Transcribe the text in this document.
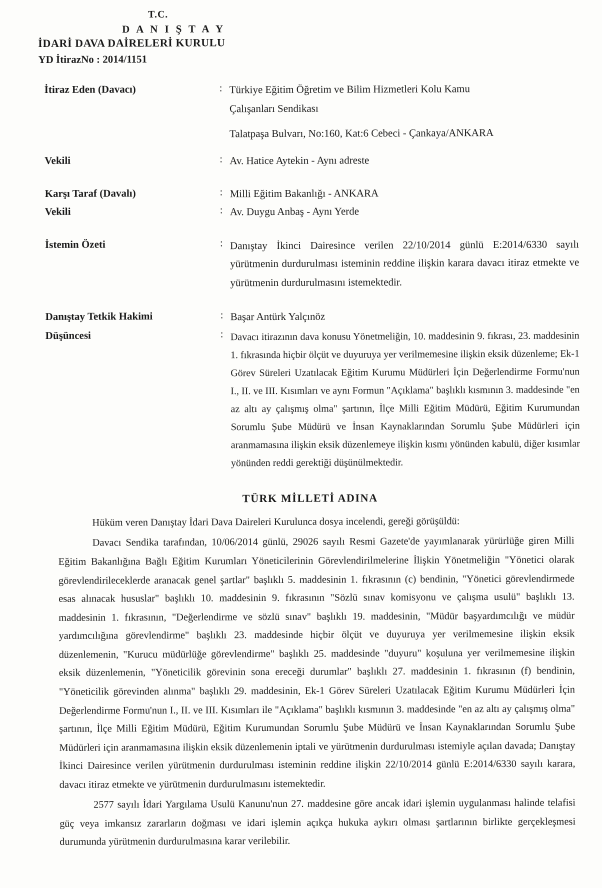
T.C.
D A N I Ş T A Y
İDARİ DAVA DAİRELERİ KURULU
YD İtirazNo : 2014/1151
İtiraz Eden (Davacı)	: Türkiye Eğitim Öğretim ve Bilim Hizmetleri Kolu Kamu
Çalışanları Sendikası
Talatpaşa Bulvarı, No:160, Kat:6 Cebeci - Çankaya/ANKARA
Vekili	: Av. Hatice Aytekin - Aynı adreste
Karşı Taraf (Davalı)	: Milli Eğitim Bakanlığı - ANKARA
Vekili	: Av. Duygu Anbaş - Aynı Yerde
İstemin Özeti	: Danıştay İkinci Dairesince verilen 22/10/2014 günlü E:2014/6330 sayılı yürütmenin durdurulması isteminin reddine ilişkin karara davacı itiraz etmekte ve yürütmenin durdurulmasını istemektedir.
Danıştay Tetkik Hakimi	: Başar Antürk Yalçınöz
Düşüncesi	: Davacı itirazının dava konusu Yönetmeliğin, 10. maddesinin 9. fıkrası, 23. maddesinin 1. fıkrasında hiçbir ölçüt ve duyuruya yer verilmemesine ilişkin eksik düzenleme; Ek-1 Görev Süreleri Uzatılacak Eğitim Kurumu Müdürleri İçin Değerlendirme Formu'nun I., II. ve III. Kısımları ve aynı Formun "Açıklama" başlıklı kısmının 3. maddesinde "en az altı ay çalışmış olma" şartının, İlçe Milli Eğitim Müdürü, Eğitim Kurumundan Sorumlu Şube Müdürü ve İnsan Kaynaklarından Sorumlu Şube Müdürleri için aranmamasına ilişkin eksik düzenlemeye ilişkin kısmı yönünden kabulü, diğer kısımlar yönünden reddi gerektiği düşünülmektedir.
TÜRK MİLLETİ ADINA

Hüküm veren Danıştay İdari Dava Daireleri Kurulunca dosya incelendi, gereği görüşüldü:

Davacı Sendika tarafından, 10/06/2014 günlü, 29026 sayılı Resmi Gazete'de yayımlanarak yürürlüğe giren Milli Eğitim Bakanlığına Bağlı Eğitim Kurumları Yöneticilerinin Görevlendirilmelerine İlişkin Yönetmeliğin "Yönetici olarak görevlendirileceklerde aranacak genel şartlar" başlıklı 5. maddesinin 1. fıkrasının (c) bendinin, "Yönetici görevlendirmede esas alınacak hususlar" başlıklı 10. maddesinin 9. fıkrasının "Sözlü sınav komisyonu ve çalışma usulü" başlıklı 13. maddesinin 1. fıkrasının, "Değerlendirme ve sözlü sınav" başlıklı 19. maddesinin, "Müdür başyardımcılığı ve müdür yardımcılığına görevlendirme" başlıklı 23. maddesinde hiçbir ölçüt ve duyuruya yer verilmemesine ilişkin eksik düzenlemenin, "Kurucu müdürlüğe görevlendirme" başlıklı 25. maddesinde "duyuru" koşuluna yer verilmemesine ilişkin eksik düzenlemenin, "Yöneticilik görevinin sona ereceği durumlar" başlıklı 27. maddesinin 1. fıkrasının (f) bendinin, "Yöneticilik görevinden alınma" başlıklı 29. maddesinin, Ek-1 Görev Süreleri Uzatılacak Eğitim Kurumu Müdürleri İçin Değerlendirme Formu'nun I., II. ve III. Kısımları ile "Açıklama" başlıklı kısmının 3. maddesinde "en az altı ay çalışmış olma" şartının, İlçe Milli Eğitim Müdürü, Eğitim Kurumundan Sorumlu Şube Müdürü ve İnsan Kaynaklarından Sorumlu Şube Müdürleri için aranmamasına ilişkin eksik düzenlemenin iptali ve yürütmenin durdurulması istemiyle açılan davada; Danıştay İkinci Dairesince verilen yürütmenin durdurulması isteminin reddine ilişkin 22/10/2014 günlü E:2014/6330 sayılı karara, davacı itiraz etmekte ve yürütmenin durdurulmasını istemektedir.

2577 sayılı İdari Yargılama Usulü Kanunu'nun 27. maddesine göre ancak idari işlemin uygulanması halinde telafisi güç veya imkansız zararların doğması ve idari işlemin açıkça hukuka aykırı olması şartlarının birlikte gerçekleşmesi durumunda yürütmenin durdurulmasına karar verilebilir.
